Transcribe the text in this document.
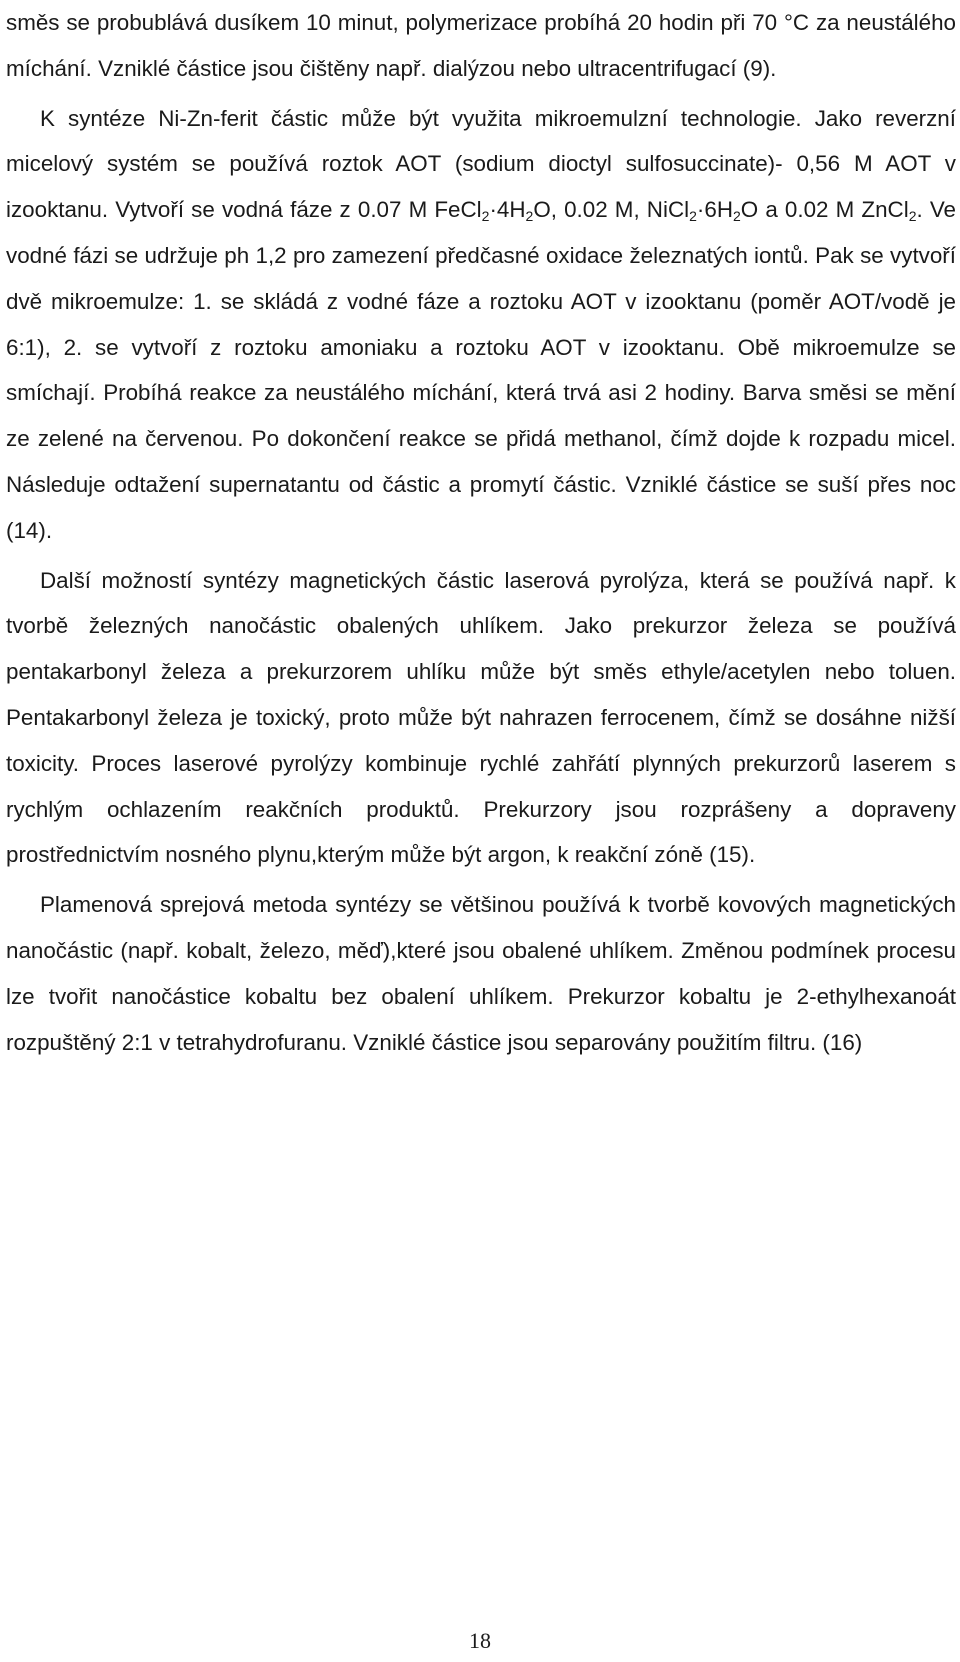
směs se probublává dusíkem 10 minut, polymerizace probíhá 20 hodin při 70 °C za neustálého míchání. Vzniklé částice jsou čištěny např. dialýzou nebo ultracentrifugací (9).

K syntéze Ni-Zn-ferit částic může být využita mikroemulzní technologie. Jako reverzní micelový systém se používá roztok AOT (sodium dioctyl sulfosuccinate)- 0,56 M AOT v izooktanu. Vytvoří se vodná fáze z 0.07 M $FeCl_2\cdot 4H_2O$, 0.02 M, $NiCl_2\cdot 6H_2O$ a 0.02 M ZnCl$_2$. Ve vodné fázi se udržuje ph 1,2 pro zamezení předčasné oxidace železnatých iontů. Pak se vytvoří dvě mikroemulze: 1. se skládá z vodné fáze a roztoku AOT v izooktanu (poměr AOT/vodě je 6:1), 2. se vytvoří z roztoku amoniaku a roztoku AOT v izooktanu. Obě mikroemulze se smíchají. Probíhá reakce za neustálého míchání, která trvá asi 2 hodiny. Barva směsi se mění ze zelené na červenou. Po dokončení reakce se přidá methanol, čímž dojde k rozpadu micel. Následuje odtažení supernatantu od částic a promytí částic. Vzniklé částice se suší přes noc (14).

Další možností syntézy magnetických částic laserová pyrolýza, která se používá např. k tvorbě železných nanočástic obalených uhlíkem. Jako prekurzor železa se používá pentakarbonyl železa a prekurzorem uhlíku může být směs ethyle/acetylen nebo toluen. Pentakarbonyl železa je toxický, proto může být nahrazen ferrocenem, čímž se dosáhne nižší toxicity. Proces laserové pyrolýzy kombinuje rychlé zahřátí plynných prekurzorů laserem s rychlým ochlazením reakčních produktů. Prekurzory jsou rozprášeny a dopraveny prostřednictvím nosného plynu,kterým může být argon, k reakční zóně (15).

Plamenová sprejová metoda syntézy se většinou používá k tvorbě kovových magnetických nanočástic (např. kobalt, železo, měď),které jsou obalené uhlíkem. Změnou podmínek procesu lze tvořit nanočástice kobaltu bez obalení uhlíkem. Prekurzor kobaltu je 2-ethylhexanoát rozpuštěný 2:1 v tetrahydrofuranu. Vzniklé částice jsou separovány použitím filtru. (16)

18
